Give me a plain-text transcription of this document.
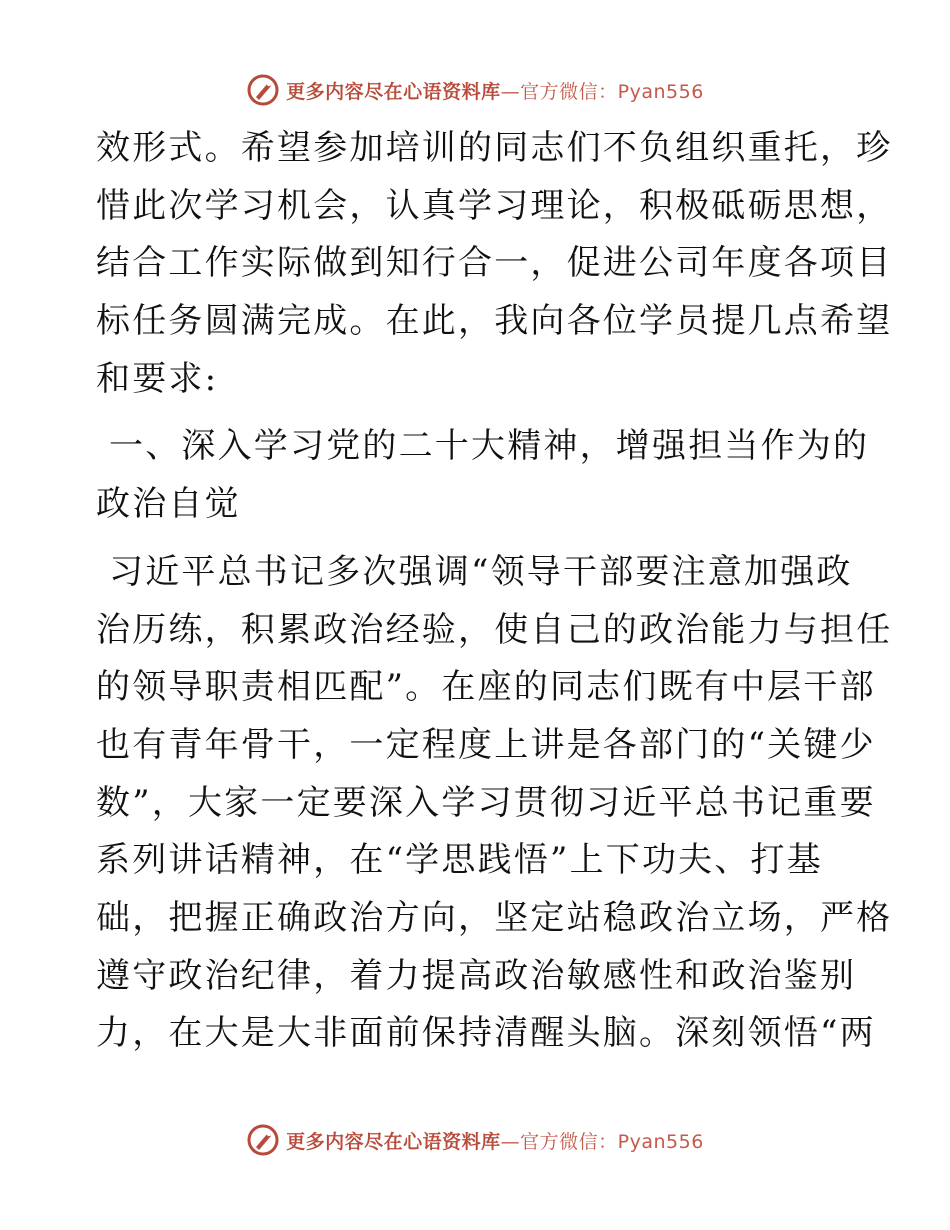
更多内容尽在心语资料库—官方微信：Pyan556

效形式。希望参加培训的同志们不负组织重托，珍
惜此次学习机会，认真学习理论，积极砥砺思想，
结合工作实际做到知行合一，促进公司年度各项目
标任务圆满完成。在此，我向各位学员提几点希望
和要求:

一、深入学习党的二十大精神，增强担当作为的
政治自觉

习近平总书记多次强调“领导干部要注意加强政
治历练，积累政治经验，使自己的政治能力与担任
的领导职责相匹配”。在座的同志们既有中层干部
也有青年骨干，一定程度上讲是各部门的“关键少
数”，大家一定要深入学习贯彻习近平总书记重要
系列讲话精神，在“学思践悟”上下功夫、打基
础，把握正确政治方向，坚定站稳政治立场，严格
遵守政治纪律，着力提高政治敏感性和政治鉴别
力，在大是大非面前保持清醒头脑。深刻领悟“两

更多内容尽在心语资料库—官方微信：Pyan556
